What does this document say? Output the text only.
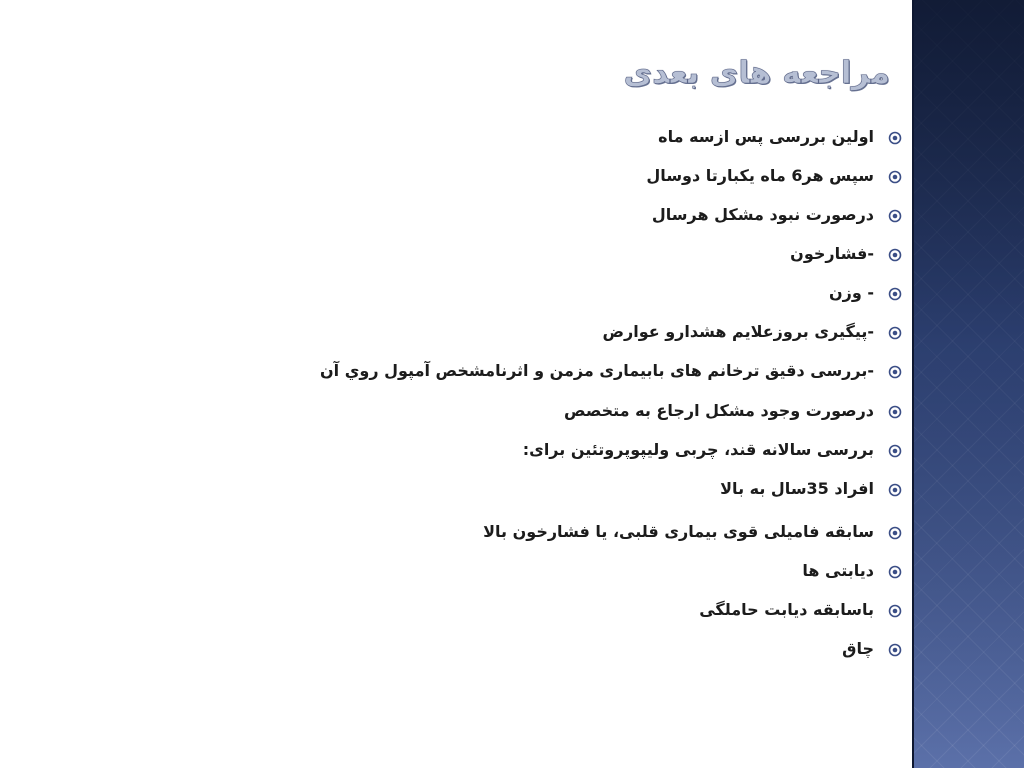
مراجعه های بعدی
اولین بررسی پس ازسه ماه
سپس هر6 ماه یکبارتا دوسال
درصورت نبود مشکل هرسال
-فشارخون
- وزن
-پیگیری بروزعلایم هشدارو عوارض
-بررسی دقیق ترخانم های بابیماری مزمن و اثرنامشخص آمپول روي آن
درصورت وجود مشکل ارجاع به متخصص
بررسی سالانه قند، چربی ولیپوپروتئین برای:
افراد 35سال به بالا
سابقه فامیلی قوی بیماری قلبی، یا فشارخون بالا
دیابتی ها
باسابقه دیابت حاملگی
چاق
